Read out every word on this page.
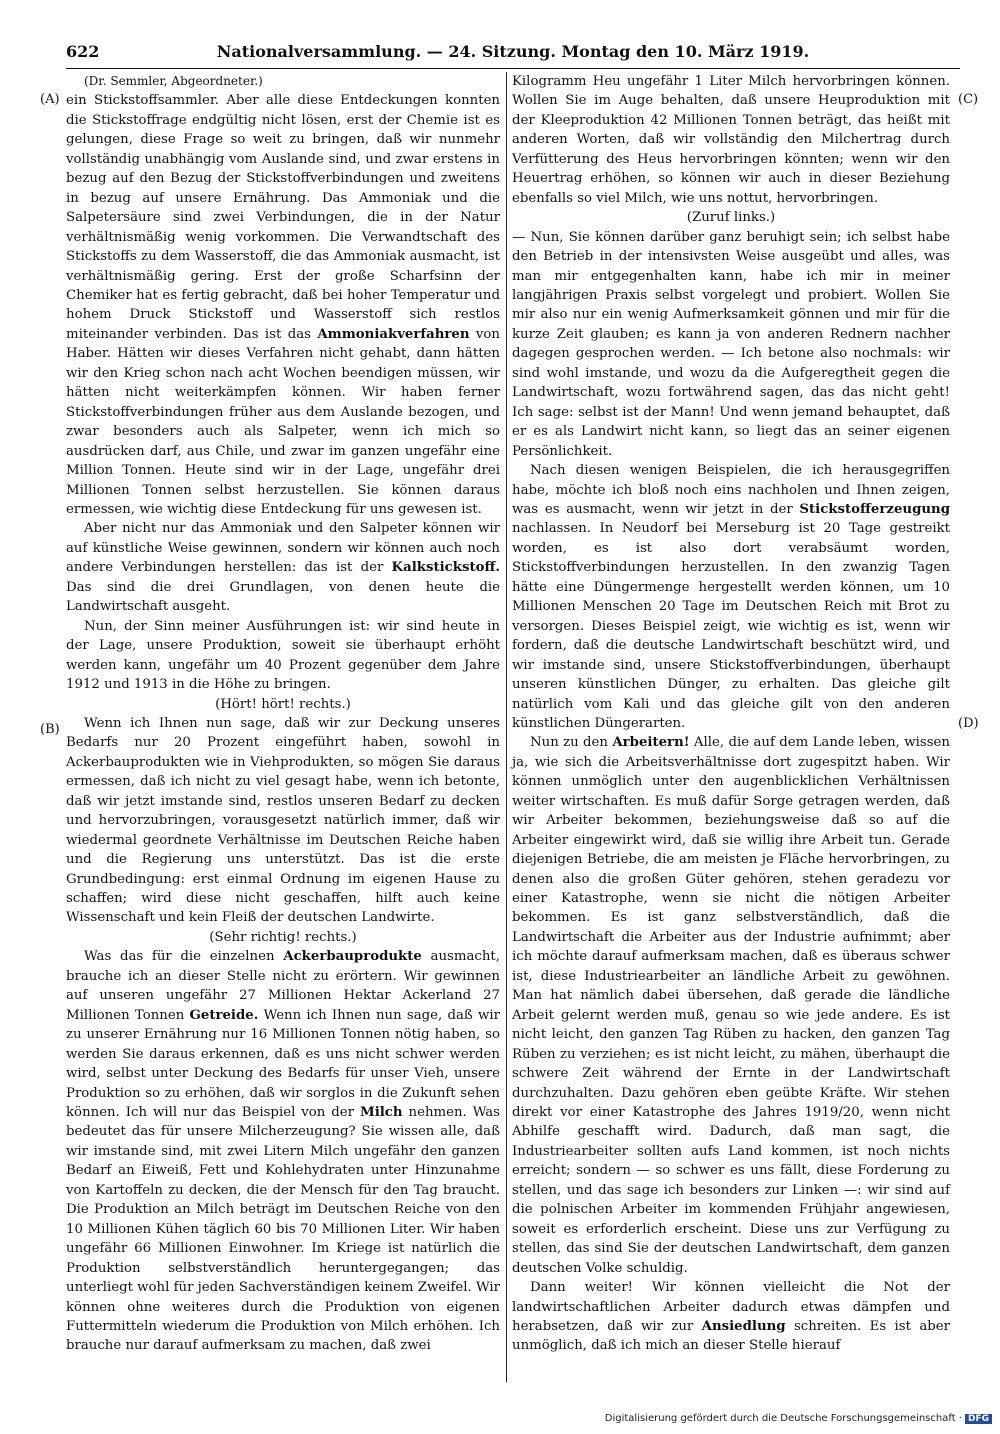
622	Nationalversammlung. — 24. Sitzung. Montag den 10. März 1919.
(A)
(B)
(C)
(D)

(Dr. Semmler, Abgeordneter.)

ein Stickstoffsammler. Aber alle diese Entdeckungen konnten die Stickstoffrage endgültig nicht lösen, erst der Chemie ist es gelungen, diese Frage so weit zu bringen, daß wir nunmehr vollständig unabhängig vom Auslande sind, und zwar erstens in bezug auf den Bezug der Stickstoffverbindungen und zweitens in bezug auf unsere Ernährung. Das Ammoniak und die Salpetersäure sind zwei Verbindungen, die in der Natur verhältnismäßig wenig vorkommen. Die Verwandtschaft des Stickstoffs zu dem Wasserstoff, die das Ammoniak ausmacht, ist verhältnismäßig gering. Erst der große Scharfsinn der Chemiker hat es fertig gebracht, daß bei hoher Temperatur und hohem Druck Stickstoff und Wasserstoff sich restlos miteinander verbinden. Das ist das Ammoniakverfahren von Haber. Hätten wir dieses Verfahren nicht gehabt, dann hätten wir den Krieg schon nach acht Wochen beendigen müssen, wir hätten nicht weiterkämpfen können. Wir haben ferner Stickstoffverbindungen früher aus dem Auslande bezogen, und zwar besonders auch als Salpeter, wenn ich mich so ausdrücken darf, aus Chile, und zwar im ganzen ungefähr eine Million Tonnen. Heute sind wir in der Lage, ungefähr drei Millionen Tonnen selbst herzustellen. Sie können daraus ermessen, wie wichtig diese Entdeckung für uns gewesen ist.

Aber nicht nur das Ammoniak und den Salpeter können wir auf künstliche Weise gewinnen, sondern wir können auch noch andere Verbindungen herstellen: das ist der Kalkstickstoff. Das sind die drei Grundlagen, von denen heute die Landwirtschaft ausgeht.

Nun, der Sinn meiner Ausführungen ist: wir sind heute in der Lage, unsere Produktion, soweit sie überhaupt erhöht werden kann, ungefähr um 40 Prozent gegenüber dem Jahre 1912 und 1913 in die Höhe zu bringen.

(Hört! hört! rechts.)

Wenn ich Ihnen nun sage, daß wir zur Deckung unseres Bedarfs nur 20 Prozent eingeführt haben, sowohl in Ackerbauprodukten wie in Viehprodukten, so mögen Sie daraus ermessen, daß ich nicht zu viel gesagt habe, wenn ich betonte, daß wir jetzt imstande sind, restlos unseren Bedarf zu decken und hervorzubringen, vorausgesetzt natürlich immer, daß wir wiedermal geordnete Verhältnisse im Deutschen Reiche haben und die Regierung uns unterstützt. Das ist die erste Grundbedingung: erst einmal Ordnung im eigenen Hause zu schaffen; wird diese nicht geschaffen, hilft auch keine Wissenschaft und kein Fleiß der deutschen Landwirte.

(Sehr richtig! rechts.)

Was das für die einzelnen Ackerbauprodukte ausmacht, brauche ich an dieser Stelle nicht zu erörtern. Wir gewinnen auf unseren ungefähr 27 Millionen Hektar Ackerland 27 Millionen Tonnen Getreide. Wenn ich Ihnen nun sage, daß wir zu unserer Ernährung nur 16 Millionen Tonnen nötig haben, so werden Sie daraus erkennen, daß es uns nicht schwer werden wird, selbst unter Deckung des Bedarfs für unser Vieh, unsere Produktion so zu erhöhen, daß wir sorglos in die Zukunft sehen können. Ich will nur das Beispiel von der Milch nehmen. Was bedeutet das für unsere Milcherzeugung? Sie wissen alle, daß wir imstande sind, mit zwei Litern Milch ungefähr den ganzen Bedarf an Eiweiß, Fett und Kohlehydraten unter Hinzunahme von Kartoffeln zu decken, die der Mensch für den Tag braucht. Die Produktion an Milch beträgt im Deutschen Reiche von den 10 Millionen Kühen täglich 60 bis 70 Millionen Liter. Wir haben ungefähr 66 Millionen Einwohner. Im Kriege ist natürlich die Produktion selbstverständlich heruntergegangen; das unterliegt wohl für jeden Sachverständigen keinem Zweifel. Wir können ohne weiteres durch die Produktion von eigenen Futtermitteln wiederum die Produktion von Milch erhöhen. Ich brauche nur darauf aufmerksam zu machen, daß zwei

Kilogramm Heu ungefähr 1 Liter Milch hervorbringen können. Wollen Sie im Auge behalten, daß unsere Heuproduktion mit der Kleeproduktion 42 Millionen Tonnen beträgt, das heißt mit anderen Worten, daß wir vollständig den Milchertrag durch Verfütterung des Heus hervorbringen könnten; wenn wir den Heuertrag erhöhen, so können wir auch in dieser Beziehung ebenfalls so viel Milch, wie uns nottut, hervorbringen.

(Zuruf links.)

— Nun, Sie können darüber ganz beruhigt sein; ich selbst habe den Betrieb in der intensivsten Weise ausgeübt und alles, was man mir entgegenhalten kann, habe ich mir in meiner langjährigen Praxis selbst vorgelegt und probiert. Wollen Sie mir also nur ein wenig Aufmerksamkeit gönnen und mir für die kurze Zeit glauben; es kann ja von anderen Rednern nachher dagegen gesprochen werden. — Ich betone also nochmals: wir sind wohl imstande, und wozu da die Aufgeregtheit gegen die Landwirtschaft, wozu fortwährend sagen, das das nicht geht! Ich sage: selbst ist der Mann! Und wenn jemand behauptet, daß er es als Landwirt nicht kann, so liegt das an seiner eigenen Persönlichkeit.

Nach diesen wenigen Beispielen, die ich herausgegriffen habe, möchte ich bloß noch eins nachholen und Ihnen zeigen, was es ausmacht, wenn wir jetzt in der Stickstofferzeugung nachlassen. In Neudorf bei Merseburg ist 20 Tage gestreikt worden, es ist also dort verabsäumt worden, Stickstoffverbindungen herzustellen. In den zwanzig Tagen hätte eine Düngermenge hergestellt werden können, um 10 Millionen Menschen 20 Tage im Deutschen Reich mit Brot zu versorgen. Dieses Beispiel zeigt, wie wichtig es ist, wenn wir fordern, daß die deutsche Landwirtschaft beschützt wird, und wir imstande sind, unsere Stickstoffverbindungen, überhaupt unseren künstlichen Dünger, zu erhalten. Das gleiche gilt natürlich vom Kali und das gleiche gilt von den anderen künstlichen Düngerarten.

Nun zu den Arbeitern! Alle, die auf dem Lande leben, wissen ja, wie sich die Arbeitsverhältnisse dort zugespitzt haben. Wir können unmöglich unter den augenblicklichen Verhältnissen weiter wirtschaften. Es muß dafür Sorge getragen werden, daß wir Arbeiter bekommen, beziehungsweise daß so auf die Arbeiter eingewirkt wird, daß sie willig ihre Arbeit tun. Gerade diejenigen Betriebe, die am meisten je Fläche hervorbringen, zu denen also die großen Güter gehören, stehen geradezu vor einer Katastrophe, wenn sie nicht die nötigen Arbeiter bekommen. Es ist ganz selbstverständlich, daß die Landwirtschaft die Arbeiter aus der Industrie aufnimmt; aber ich möchte darauf aufmerksam machen, daß es überaus schwer ist, diese Industriearbeiter an ländliche Arbeit zu gewöhnen. Man hat nämlich dabei übersehen, daß gerade die ländliche Arbeit gelernt werden muß, genau so wie jede andere. Es ist nicht leicht, den ganzen Tag Rüben zu hacken, den ganzen Tag Rüben zu verziehen; es ist nicht leicht, zu mähen, überhaupt die schwere Zeit während der Ernte in der Landwirtschaft durchzuhalten. Dazu gehören eben geübte Kräfte. Wir stehen direkt vor einer Katastrophe des Jahres 1919/20, wenn nicht Abhilfe geschafft wird. Dadurch, daß man sagt, die Industriearbeiter sollten aufs Land kommen, ist noch nichts erreicht; sondern — so schwer es uns fällt, diese Forderung zu stellen, und das sage ich besonders zur Linken —: wir sind auf die polnischen Arbeiter im kommenden Frühjahr angewiesen, soweit es erforderlich erscheint. Diese uns zur Verfügung zu stellen, das sind Sie der deutschen Landwirtschaft, dem ganzen deutschen Volke schuldig.

Dann weiter! Wir können vielleicht die Not der landwirtschaftlichen Arbeiter dadurch etwas dämpfen und herabsetzen, daß wir zur Ansiedlung schreiten. Es ist aber unmöglich, daß ich mich an dieser Stelle hierauf

Digitalisierung gefördert durch die Deutsche Forschungsgemeinschaft · DFG
